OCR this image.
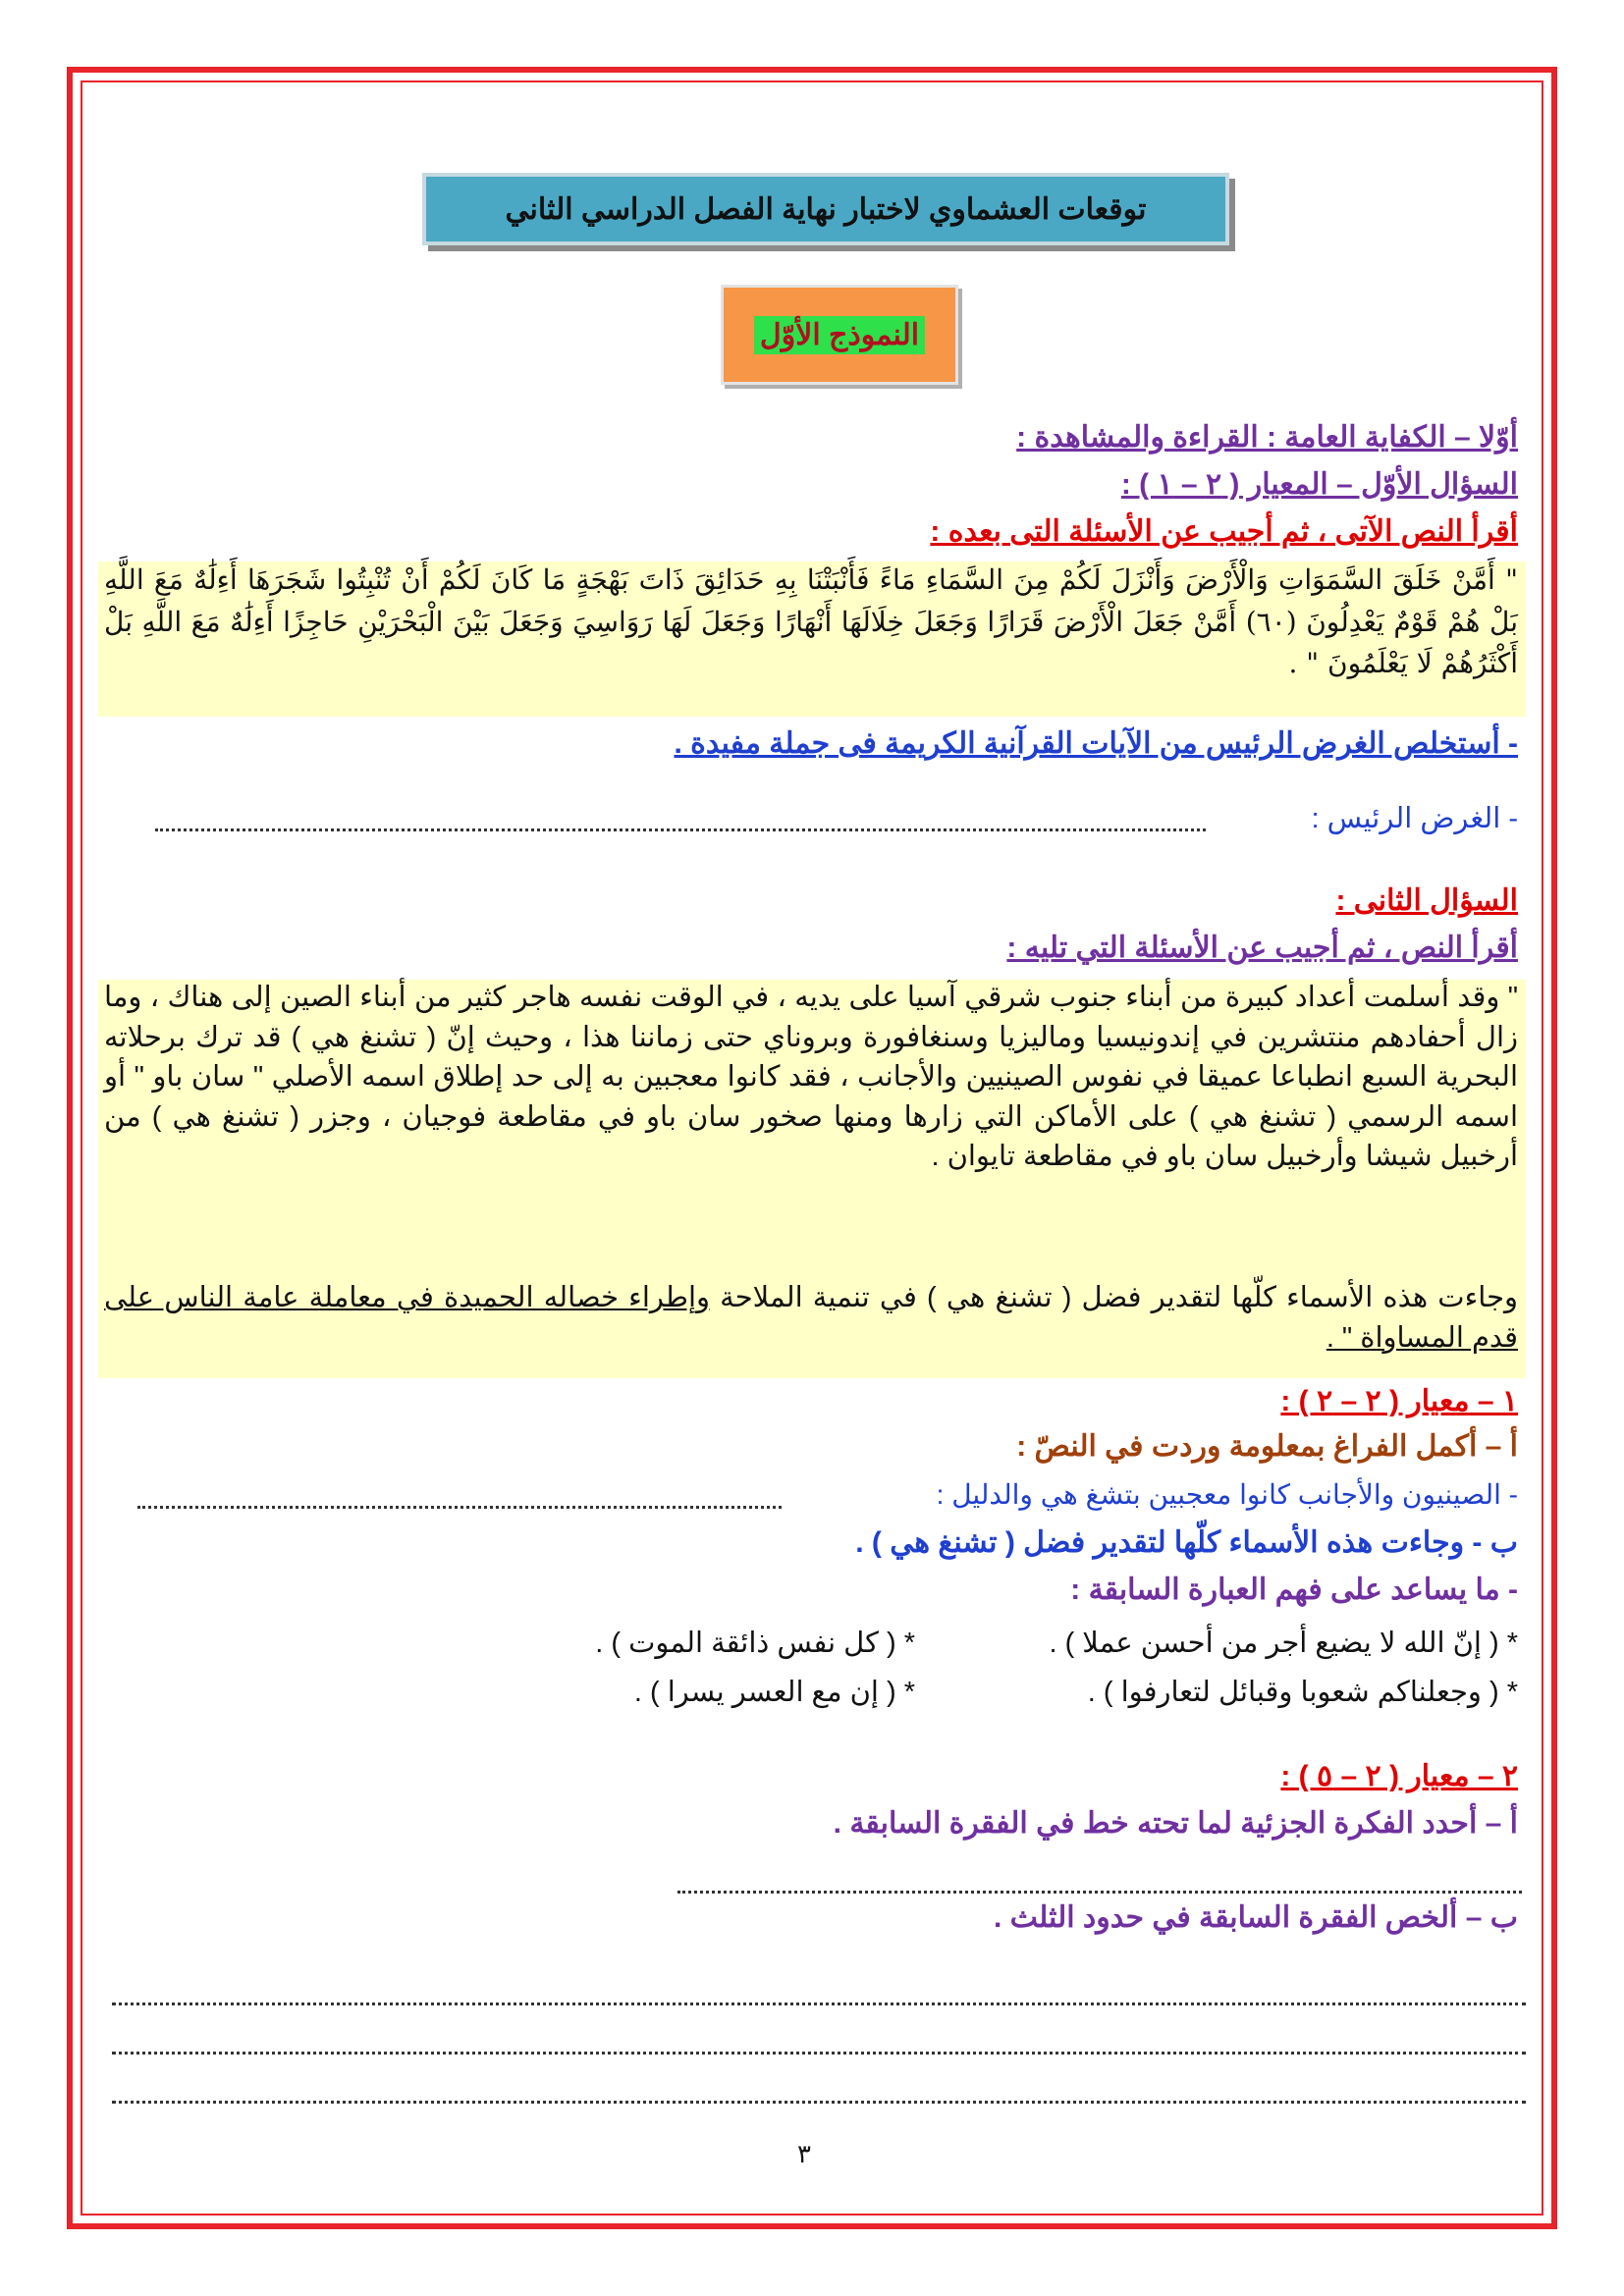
توقعات العشماوي لاختبار نهاية الفصل الدراسي الثاني
النموذج الأوّل
أوّلا – الكفاية العامة : القراءة والمشاهدة :
السؤال الأوّل – المعيار ( ٢ – ١ ) :
أقرأ النص الآتى ، ثم أجيب عن الأسئلة التى بعده :
" أَمَّنْ خَلَقَ السَّمَوَاتِ وَالْأَرْضَ وَأَنْزَلَ لَكُمْ مِنَ السَّمَاءِ مَاءً فَأَنْبَتْنَا بِهِ حَدَائِقَ ذَاتَ بَهْجَةٍ مَا كَانَ لَكُمْ أَنْ تُنْبِتُوا شَجَرَهَا أَءِلَٰهٌ مَعَ اللَّهِ بَلْ هُمْ قَوْمٌ يَعْدِلُونَ (٦٠) أَمَّنْ جَعَلَ الْأَرْضَ قَرَارًا وَجَعَلَ خِلَالَهَا أَنْهَارًا وَجَعَلَ لَهَا رَوَاسِيَ وَجَعَلَ بَيْنَ الْبَحْرَيْنِ حَاجِزًا أَءِلَٰهٌ مَعَ اللَّهِ بَلْ أَكْثَرُهُمْ لَا يَعْلَمُونَ " .
- أستخلص الغرض الرئيس من الآيات القرآنية الكريمة فى جملة مفيدة .
- الغرض الرئيس :
السؤال الثانى :
أقرأ النص ، ثم أجيب عن الأسئلة التي تليه :
" وقد أسلمت أعداد كبيرة من أبناء جنوب شرقي آسيا على يديه ، في الوقت نفسه هاجر كثير من أبناء الصين إلى هناك ، وما زال أحفادهم منتشرين في إندونيسيا وماليزيا وسنغافورة وبروناي حتى زماننا هذا ، وحيث إنّ ( تشنغ هي ) قد ترك برحلاته البحرية السبع انطباعا عميقا في نفوس الصينيين والأجانب ، فقد كانوا معجبين به إلى حد إطلاق اسمه الأصلي " سان باو " أو اسمه الرسمي ( تشنغ هي ) على الأماكن التي زارها ومنها صخور سان باو في مقاطعة فوجيان ، وجزر ( تشنغ هي ) من أرخبيل شيشا وأرخبيل سان باو في مقاطعة تايوان .
وجاءت هذه الأسماء كلّها لتقدير فضل ( تشنغ هي ) في تنمية الملاحة وإطراء خصاله الحميدة في معاملة عامة الناس على قدم المساواة " .
١ – معيار ( ٢ – ٢ ) :
أ – أكمل الفراغ بمعلومة وردت في النصّ :
- الصينيون والأجانب كانوا معجبين بتشغ هي والدليل :
ب - وجاءت هذه الأسماء كلّها لتقدير فضل ( تشنغ هي ) .
- ما يساعد على فهم العبارة السابقة :
* ( إنّ الله لا يضيع أجر من أحسن عملا ) .
* ( كل نفس ذائقة الموت ) .
* ( وجعلناكم شعوبا وقبائل لتعارفوا ) .
* ( إن مع العسر يسرا ) .
٢ – معيار ( ٢ – ٥ ) :
أ – أحدد الفكرة الجزئية لما تحته خط في الفقرة السابقة .
ب – ألخص الفقرة السابقة في حدود الثلث .
٣
